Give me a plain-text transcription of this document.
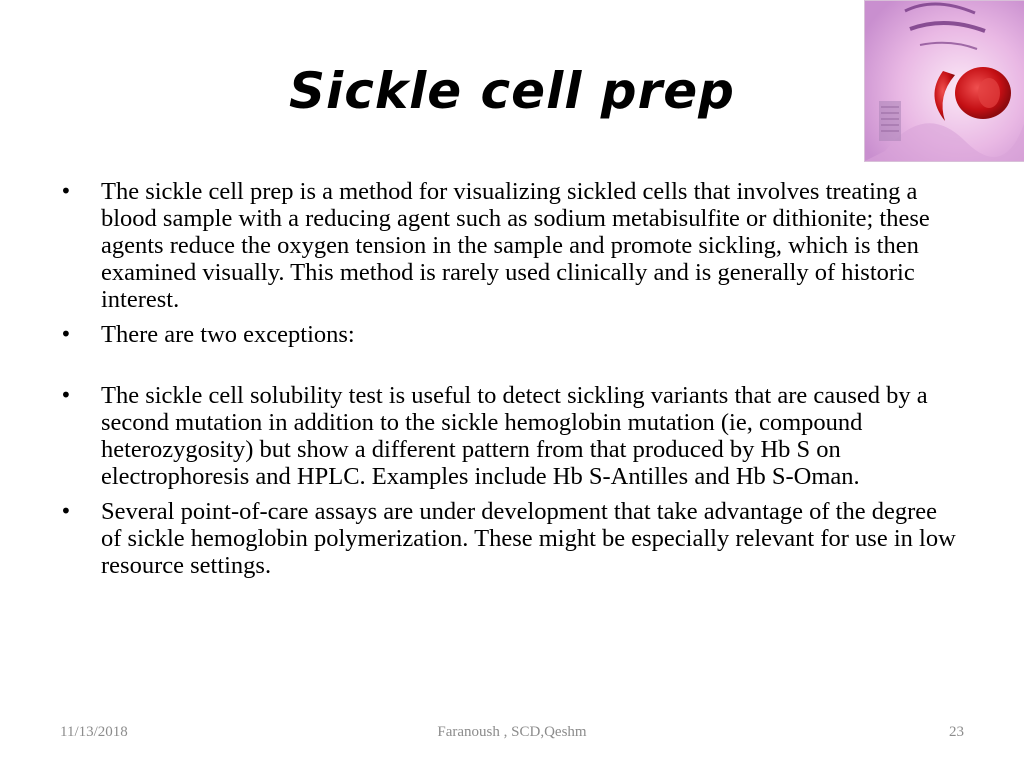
Sickle cell prep
• The sickle cell prep is a method for visualizing sickled cells that involves treating a blood sample with a reducing agent such as sodium metabisulfite or dithionite; these agents reduce the oxygen tension in the sample and promote sickling, which is then examined visually. This method is rarely used clinically and is generally of historic interest.
• There are two exceptions:
• The sickle cell solubility test is useful to detect sickling variants that are caused by a second mutation in addition to the sickle hemoglobin mutation (ie, compound heterozygosity) but show a different pattern from that produced by Hb S on electrophoresis and HPLC. Examples include Hb S-Antilles and Hb S-Oman.
• Several point-of-care assays are under development that take advantage of the degree of sickle hemoglobin polymerization. These might be especially relevant for use in low resource settings.
11/13/2018	Faranoush , SCD,Qeshm	23
